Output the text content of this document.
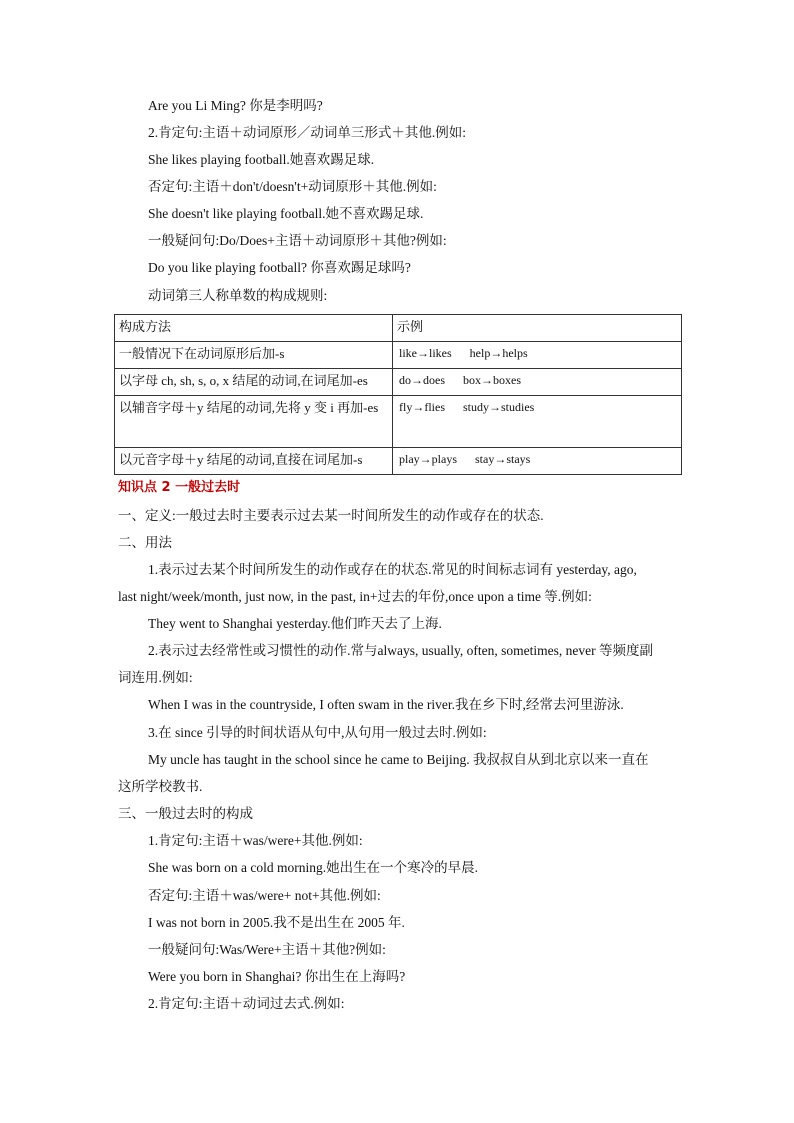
Are you Li Ming? 你是李明吗?
2.肯定句:主语＋动词原形／动词单三形式＋其他.例如:
She likes playing football.她喜欢踢足球.
否定句:主语＋don't/doesn't+动词原形＋其他.例如:
She doesn't like playing football.她不喜欢踢足球.
一般疑问句:Do/Does+主语＋动词原形＋其他?例如:
Do you like playing football? 你喜欢踢足球吗?
动词第三人称单数的构成规则:
构成方法	示例
一般情况下在动词原形后加-s	like→likes help→helps
以字母 ch, sh, s, o, x 结尾的动词,在词尾加-es	do→does box→boxes
以辅音字母＋y 结尾的动词,先将 y 变 i 再加-es	fly→flies study→studies
以元音字母＋y 结尾的动词,直接在词尾加-s	play→plays stay→stays
知识点 2 一般过去时
一、定义:一般过去时主要表示过去某一时间所发生的动作或存在的状态.
二、用法
1.表示过去某个时间所发生的动作或存在的状态.常见的时间标志词有 yesterday, ago,
last night/week/month, just now, in the past, in+过去的年份,once upon a time 等.例如:
They went to Shanghai yesterday.他们昨天去了上海.
2.表示过去经常性或习惯性的动作.常与always, usually, often, sometimes, never 等频度副
词连用.例如:
When I was in the countryside, I often swam in the river.我在乡下时,经常去河里游泳.
3.在 since 引导的时间状语从句中,从句用一般过去时.例如:
My uncle has taught in the school since he came to Beijing. 我叔叔自从到北京以来一直在
这所学校教书.
三、一般过去时的构成
1.肯定句:主语＋was/were+其他.例如:
She was born on a cold morning.她出生在一个寒冷的早晨.
否定句:主语＋was/were+ not+其他.例如:
I was not born in 2005.我不是出生在 2005 年.
一般疑问句:Was/Were+主语＋其他?例如:
Were you born in Shanghai? 你出生在上海吗?
2.肯定句:主语＋动词过去式.例如:
